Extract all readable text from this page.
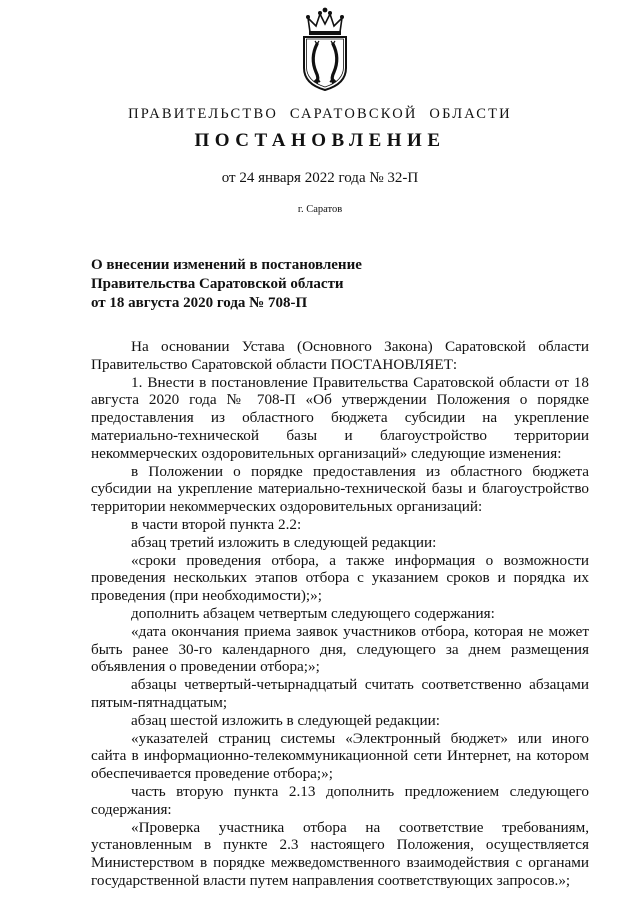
ПРАВИТЕЛЬСТВО САРАТОВСКОЙ ОБЛАСТИ
ПОСТАНОВЛЕНИЕ
от 24 января 2022 года № 32-П
г. Саратов
О внесении изменений в постановление
Правительства Саратовской области
от 18 августа 2020 года № 708-П

На основании Устава (Основного Закона) Саратовской области Правительство Саратовской области ПОСТАНОВЛЯЕТ:

1. Внести в постановление Правительства Саратовской области от 18 августа 2020 года № 708-П «Об утверждении Положения о порядке предоставления из областного бюджета субсидии на укрепление материально-технической базы и благоустройство территории некоммерческих оздоровительных организаций» следующие изменения:

в Положении о порядке предоставления из областного бюджета субсидии на укрепление материально-технической базы и благоустройство территории некоммерческих оздоровительных организаций:

в части второй пункта 2.2:

абзац третий изложить в следующей редакции:

«сроки проведения отбора, а также информация о возможности проведения нескольких этапов отбора с указанием сроков и порядка их проведения (при необходимости);»;

дополнить абзацем четвертым следующего содержания:

«дата окончания приема заявок участников отбора, которая не может быть ранее 30-го календарного дня, следующего за днем размещения объявления о проведении отбора;»;

абзацы четвертый-четырнадцатый считать соответственно абзацами пятым-пятнадцатым;

абзац шестой изложить в следующей редакции:

«указателей страниц системы «Электронный бюджет» или иного сайта в информационно-телекоммуникационной сети Интернет, на котором обеспечивается проведение отбора;»;

часть вторую пункта 2.13 дополнить предложением следующего содержания:

«Проверка участника отбора на соответствие требованиям, установленным в пункте 2.3 настоящего Положения, осуществляется Министерством в порядке межведомственного взаимодействия с органами государственной власти путем направления соответствующих запросов.»;
